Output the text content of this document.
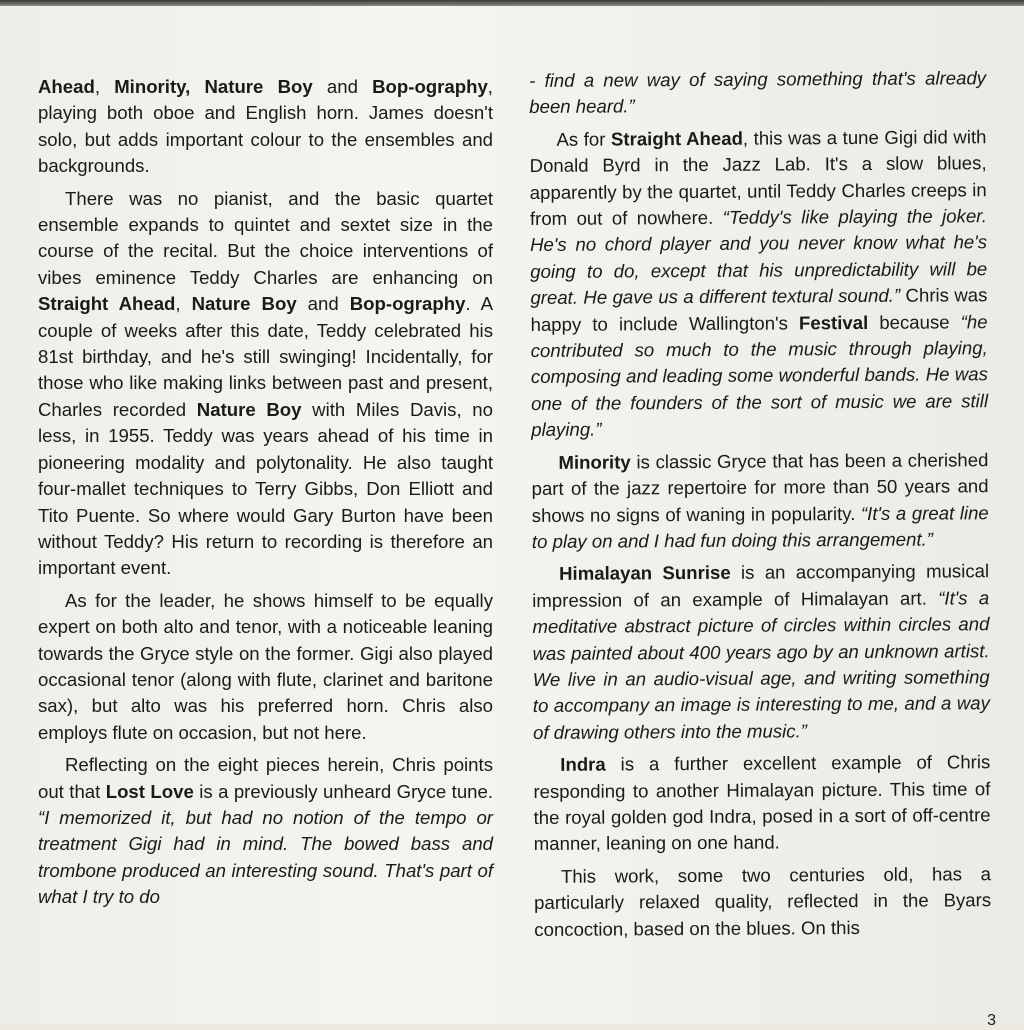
Ahead, Minority, Nature Boy and Bop-ography, playing both oboe and English horn. James doesn't solo, but adds important colour to the ensembles and backgrounds.

There was no pianist, and the basic quartet ensemble expands to quintet and sextet size in the course of the recital. But the choice interventions of vibes eminence Teddy Charles are enhancing on Straight Ahead, Nature Boy and Bop-ography. A couple of weeks after this date, Teddy celebrated his 81st birthday, and he's still swinging! Incidentally, for those who like making links between past and present, Charles recorded Nature Boy with Miles Davis, no less, in 1955. Teddy was years ahead of his time in pioneering modality and polytonality. He also taught four-mallet techniques to Terry Gibbs, Don Elliott and Tito Puente. So where would Gary Burton have been without Teddy? His return to recording is therefore an important event.

As for the leader, he shows himself to be equally expert on both alto and tenor, with a noticeable leaning towards the Gryce style on the former. Gigi also played occasional tenor (along with flute, clarinet and baritone sax), but alto was his preferred horn. Chris also employs flute on occasion, but not here.

Reflecting on the eight pieces herein, Chris points out that Lost Love is a previously unheard Gryce tune. “I memorized it, but had no notion of the tempo or treatment Gigi had in mind. The bowed bass and trombone produced an interesting sound. That's part of what I try to do

- find a new way of saying something that's already been heard.”

As for Straight Ahead, this was a tune Gigi did with Donald Byrd in the Jazz Lab. It's a slow blues, apparently by the quartet, until Teddy Charles creeps in from out of nowhere. “Teddy's like playing the joker. He's no chord player and you never know what he's going to do, except that his unpredictability will be great. He gave us a different textural sound.” Chris was happy to include Wallington's Festival because “he contributed so much to the music through playing, composing and leading some wonderful bands. He was one of the founders of the sort of music we are still playing.”

Minority is classic Gryce that has been a cherished part of the jazz repertoire for more than 50 years and shows no signs of waning in popularity. “It's a great line to play on and I had fun doing this arrangement.”

Himalayan Sunrise is an accompanying musical impression of an example of Himalayan art. “It's a meditative abstract picture of circles within circles and was painted about 400 years ago by an unknown artist. We live in an audio-visual age, and writing something to accompany an image is interesting to me, and a way of drawing others into the music.”

Indra is a further excellent example of Chris responding to another Himalayan picture. This time of the royal golden god Indra, posed in a sort of off-centre manner, leaning on one hand.

This work, some two centuries old, has a particularly relaxed quality, reflected in the Byars concoction, based on the blues. On this

3
